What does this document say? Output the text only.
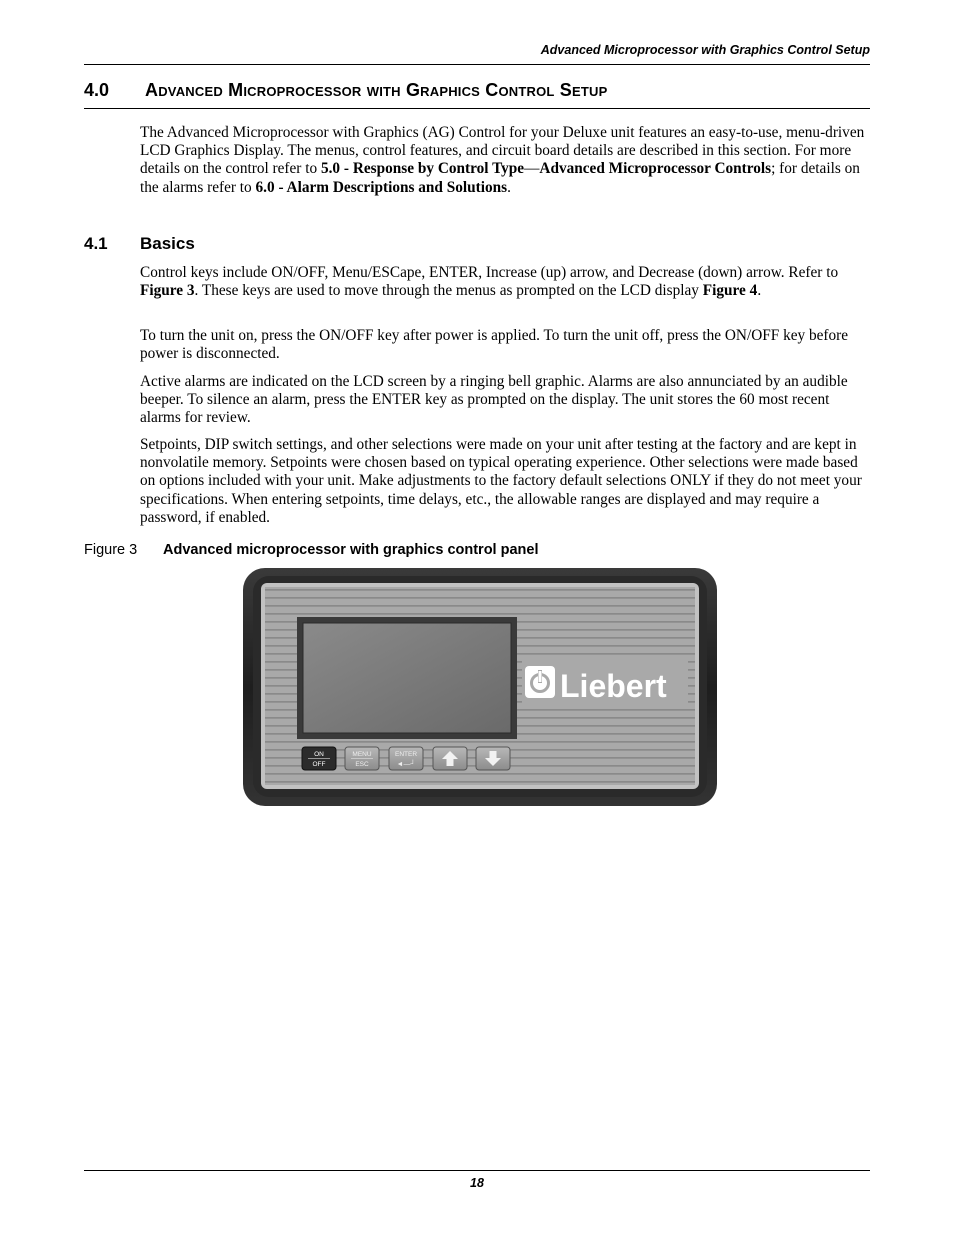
Advanced Microprocessor with Graphics Control Setup
4.0 Advanced Microprocessor with Graphics Control Setup

The Advanced Microprocessor with Graphics (AG) Control for your Deluxe unit features an easy-to-use, menu-driven LCD Graphics Display. The menus, control features, and circuit board details are described in this section. For more details on the control refer to 5.0 - Response by Control Type—Advanced Microprocessor Controls; for details on the alarms refer to 6.0 - Alarm Descriptions and Solutions.

4.1 Basics

Control keys include ON/OFF, Menu/ESCape, ENTER, Increase (up) arrow, and Decrease (down) arrow. Refer to Figure 3. These keys are used to move through the menus as prompted on the LCD display Figure 4.

To turn the unit on, press the ON/OFF key after power is applied. To turn the unit off, press the ON/OFF key before power is disconnected.

Active alarms are indicated on the LCD screen by a ringing bell graphic. Alarms are also annunciated by an audible beeper. To silence an alarm, press the ENTER key as prompted on the display. The unit stores the 60 most recent alarms for review.

Setpoints, DIP switch settings, and other selections were made on your unit after testing at the factory and are kept in nonvolatile memory. Setpoints were chosen based on typical operating experience. Other selections were made based on options included with your unit. Make adjustments to the factory default selections ONLY if they do not meet your specifications. When entering setpoints, time delays, etc., the allowable ranges are displayed and may require a password, if enabled.

Figure 3 Advanced microprocessor with graphics control panel
Liebert
ON
OFF
MENU
ESC
ENTER
◄—┘
18
